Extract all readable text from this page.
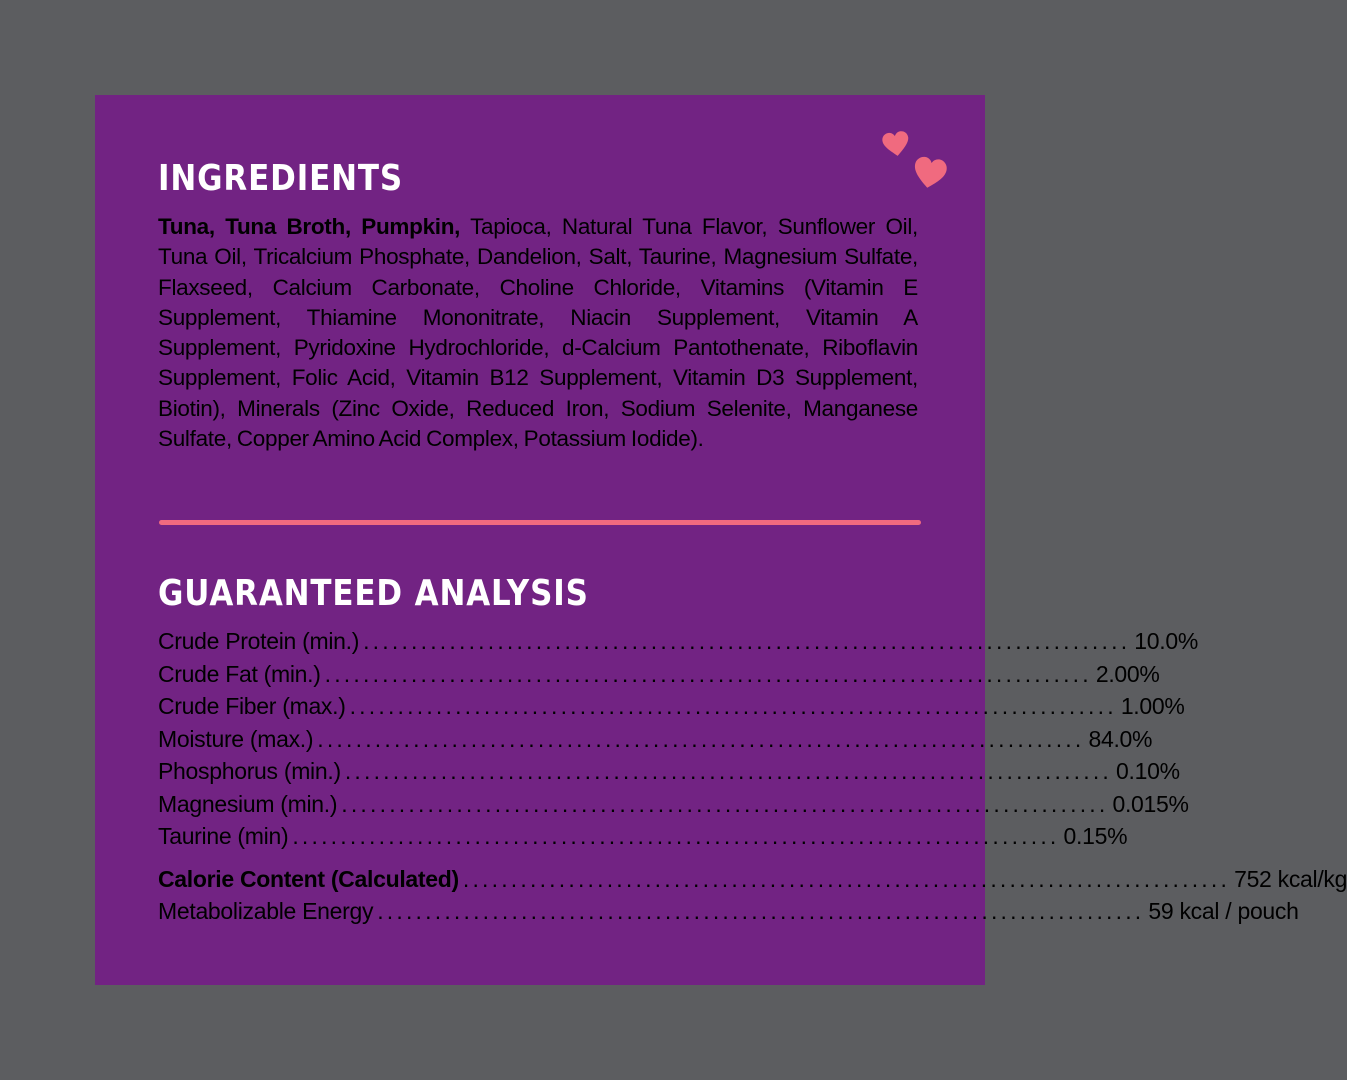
INGREDIENTS

Tuna, Tuna Broth, Pumpkin, Tapioca, Natural Tuna Flavor, Sunflower Oil, Tuna Oil, Tricalcium Phosphate, Dandelion, Salt, Taurine, Magnesium Sulfate, Flaxseed, Calcium Carbonate, Choline Chloride, Vitamins (Vitamin E Supplement, Thiamine Mononitrate, Niacin Supplement, Vitamin A Supplement, Pyridoxine Hydrochloride, d-Calcium Pantothenate, Riboflavin Supplement, Folic Acid, Vitamin B12 Supplement, Vitamin D3 Supplement, Biotin), Minerals (Zinc Oxide, Reduced Iron, Sodium Selenite, Manganese Sulfate, Copper Amino Acid Complex, Potassium Iodide).

GUARANTEED ANALYSIS
Crude Protein (min.) ................................................................................ 10.0%
Crude Fat (min.) ................................................................................ 2.00%
Crude Fiber (max.) ................................................................................ 1.00%
Moisture (max.) ................................................................................ 84.0%
Phosphorus (min.) ................................................................................ 0.10%
Magnesium (min.) ................................................................................ 0.015%
Taurine (min) ................................................................................ 0.15%
Calorie Content (Calculated) ................................................................................ 752 kcal/kg
Metabolizable Energy ................................................................................ 59 kcal / pouch
